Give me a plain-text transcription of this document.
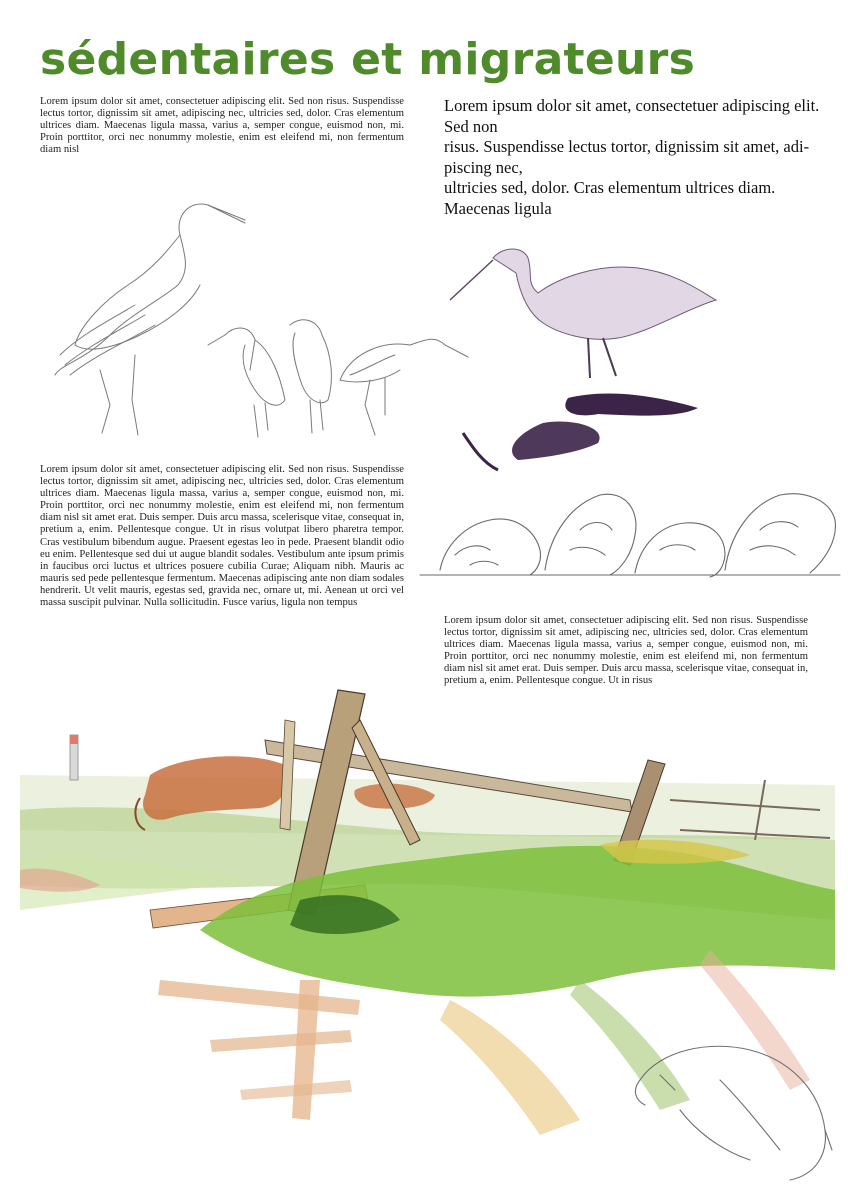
sédentaires et migrateurs

Lorem ipsum dolor sit amet, consectetuer adipiscing elit. Sed non risus. Suspendisse lectus tortor, dignissim sit amet, adipiscing nec, ultricies sed, dolor. Cras elementum ultrices diam. Maecenas ligula massa, varius a, semper congue, euismod non, mi. Proin porttitor, orci nec nonummy molestie, enim est eleifend mi, non fermentum diam nisl

Lorem ipsum dolor sit amet, consectetuer adipiscing elit. Sed non
risus. Suspendisse lectus tortor, dignissim sit amet, adi-piscing nec,
ultricies sed, dolor. Cras elementum ultrices diam.
Maecenas ligula

Lorem ipsum dolor sit amet, consectetuer adipiscing elit. Sed non risus. Suspendisse lectus tortor, dignissim sit amet, adipiscing nec, ultricies sed, dolor. Cras elementum ultrices diam. Maecenas ligula massa, varius a, semper congue, euismod non, mi. Proin porttitor, orci nec nonummy molestie, enim est eleifend mi, non fermentum diam nisl sit amet erat. Duis semper. Duis arcu massa, scelerisque vitae, consequat in, pretium a, enim. Pellentesque congue. Ut in risus volutpat libero pharetra tempor. Cras vestibulum bibendum augue. Praesent egestas leo in pede. Praesent blandit odio eu enim. Pellentesque sed dui ut augue blandit sodales. Vestibulum ante ipsum primis in faucibus orci luctus et ultrices posuere cubilia Curae; Aliquam nibh. Mauris ac mauris sed pede pellentesque fermentum. Maecenas adipiscing ante non diam sodales hendrerit. Ut velit mauris, egestas sed, gravida nec, ornare ut, mi. Aenean ut orci vel massa suscipit pulvinar. Nulla sollicitudin. Fusce varius, ligula non tempus

Lorem ipsum dolor sit amet, consectetuer adipiscing elit. Sed non risus. Suspendisse lectus tortor, dignissim sit amet, adipiscing nec, ultricies sed, dolor. Cras elementum ultrices diam. Maecenas ligula massa, varius a, semper congue, euismod non, mi. Proin porttitor, orci nec nonummy molestie, enim est eleifend mi, non fermentum diam nisl sit amet erat. Duis semper. Duis arcu massa, scelerisque vitae, consequat in, pretium a, enim. Pellentesque congue. Ut in risus
